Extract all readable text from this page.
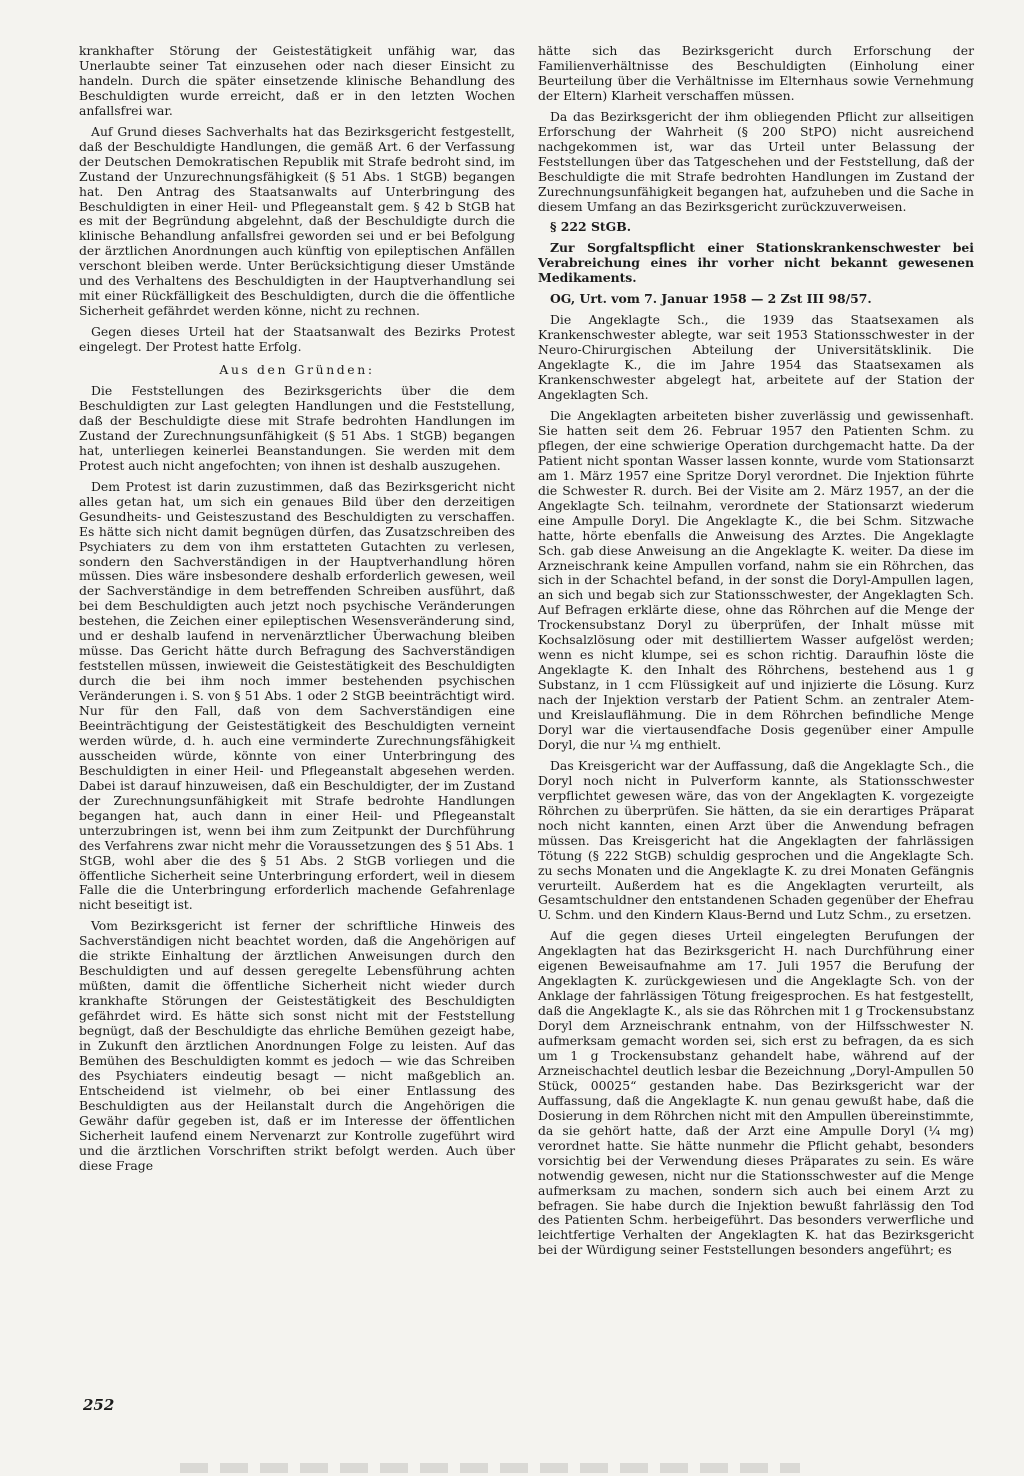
krankhafter Störung der Geistestätigkeit unfähig war, das Unerlaubte seiner Tat einzusehen oder nach dieser Einsicht zu handeln. Durch die später einsetzende klinische Behandlung des Beschuldigten wurde erreicht, daß er in den letzten Wochen anfallsfrei war.

Auf Grund dieses Sachverhalts hat das Bezirksgericht festgestellt, daß der Beschuldigte Handlungen, die gemäß Art. 6 der Verfassung der Deutschen Demokratischen Republik mit Strafe bedroht sind, im Zustand der Unzurechnungsfähigkeit (§ 51 Abs. 1 StGB) begangen hat. Den Antrag des Staatsanwalts auf Unterbringung des Beschuldigten in einer Heil- und Pflegeanstalt gem. § 42 b StGB hat es mit der Begründung abgelehnt, daß der Beschuldigte durch die klinische Behandlung anfallsfrei geworden sei und er bei Befolgung der ärztlichen Anordnungen auch künftig von epileptischen Anfällen verschont bleiben werde. Unter Berücksichtigung dieser Umstände und des Verhaltens des Beschuldigten in der Hauptverhandlung sei mit einer Rückfälligkeit des Beschuldigten, durch die die öffentliche Sicherheit gefährdet werden könne, nicht zu rechnen.

Gegen dieses Urteil hat der Staatsanwalt des Bezirks Protest eingelegt. Der Protest hatte Erfolg.

Aus den Gründen:

Die Feststellungen des Bezirksgerichts über die dem Beschuldigten zur Last gelegten Handlungen und die Feststellung, daß der Beschuldigte diese mit Strafe bedrohten Handlungen im Zustand der Zurechnungsunfähigkeit (§ 51 Abs. 1 StGB) begangen hat, unterliegen keinerlei Beanstandungen. Sie werden mit dem Protest auch nicht angefochten; von ihnen ist deshalb auszugehen.

Dem Protest ist darin zuzustimmen, daß das Bezirksgericht nicht alles getan hat, um sich ein genaues Bild über den derzeitigen Gesundheits- und Geisteszustand des Beschuldigten zu verschaffen. Es hätte sich nicht damit begnügen dürfen, das Zusatzschreiben des Psychiaters zu dem von ihm erstatteten Gutachten zu verlesen, sondern den Sachverständigen in der Hauptverhandlung hören müssen. Dies wäre insbesondere deshalb erforderlich gewesen, weil der Sachverständige in dem betreffenden Schreiben ausführt, daß bei dem Beschuldigten auch jetzt noch psychische Veränderungen bestehen, die Zeichen einer epileptischen Wesensveränderung sind, und er deshalb laufend in nervenärztlicher Überwachung bleiben müsse. Das Gericht hätte durch Befragung des Sachverständigen feststellen müssen, inwieweit die Geistestätigkeit des Beschuldigten durch die bei ihm noch immer bestehenden psychischen Veränderungen i. S. von § 51 Abs. 1 oder 2 StGB beeinträchtigt wird. Nur für den Fall, daß von dem Sachverständigen eine Beeinträchtigung der Geistestätigkeit des Beschuldigten verneint werden würde, d. h. auch eine verminderte Zurechnungsfähigkeit ausscheiden würde, könnte von einer Unterbringung des Beschuldigten in einer Heil- und Pflegeanstalt abgesehen werden. Dabei ist darauf hinzuweisen, daß ein Beschuldigter, der im Zustand der Zurechnungsunfähigkeit mit Strafe bedrohte Handlungen begangen hat, auch dann in einer Heil- und Pflegeanstalt unterzubringen ist, wenn bei ihm zum Zeitpunkt der Durchführung des Verfahrens zwar nicht mehr die Voraussetzungen des § 51 Abs. 1 StGB, wohl aber die des § 51 Abs. 2 StGB vorliegen und die öffentliche Sicherheit seine Unterbringung erfordert, weil in diesem Falle die die Unterbringung erforderlich machende Gefahrenlage nicht beseitigt ist.

Vom Bezirksgericht ist ferner der schriftliche Hinweis des Sachverständigen nicht beachtet worden, daß die Angehörigen auf die strikte Einhaltung der ärztlichen Anweisungen durch den Beschuldigten und auf dessen geregelte Lebensführung achten müßten, damit die öffentliche Sicherheit nicht wieder durch krankhafte Störungen der Geistestätigkeit des Beschuldigten gefährdet wird. Es hätte sich sonst nicht mit der Feststellung begnügt, daß der Beschuldigte das ehrliche Bemühen gezeigt habe, in Zukunft den ärztlichen Anordnungen Folge zu leisten. Auf das Bemühen des Beschuldigten kommt es jedoch — wie das Schreiben des Psychiaters eindeutig besagt — nicht maßgeblich an. Entscheidend ist vielmehr, ob bei einer Entlassung des Beschuldigten aus der Heilanstalt durch die Angehörigen die Gewähr dafür gegeben ist, daß er im Interesse der öffentlichen Sicherheit laufend einem Nervenarzt zur Kontrolle zugeführt wird und die ärztlichen Vorschriften strikt befolgt werden. Auch über diese Frage

hätte sich das Bezirksgericht durch Erforschung der Familienverhältnisse des Beschuldigten (Einholung einer Beurteilung über die Verhältnisse im Elternhaus sowie Vernehmung der Eltern) Klarheit verschaffen müssen.

Da das Bezirksgericht der ihm obliegenden Pflicht zur allseitigen Erforschung der Wahrheit (§ 200 StPO) nicht ausreichend nachgekommen ist, war das Urteil unter Belassung der Feststellungen über das Tatgeschehen und der Feststellung, daß der Beschuldigte die mit Strafe bedrohten Handlungen im Zustand der Zurechnungsunfähigkeit begangen hat, aufzuheben und die Sache in diesem Umfang an das Bezirksgericht zurückzuverweisen.

§ 222 StGB.

Zur Sorgfaltspflicht einer Stationskrankenschwester bei Verabreichung eines ihr vorher nicht bekannt gewesenen Medikaments.

OG, Urt. vom 7. Januar 1958 — 2 Zst III 98/57.

Die Angeklagte Sch., die 1939 das Staatsexamen als Krankenschwester ablegte, war seit 1953 Stationsschwester in der Neuro-Chirurgischen Abteilung der Universitätsklinik. Die Angeklagte K., die im Jahre 1954 das Staatsexamen als Krankenschwester abgelegt hat, arbeitete auf der Station der Angeklagten Sch.

Die Angeklagten arbeiteten bisher zuverlässig und gewissenhaft. Sie hatten seit dem 26. Februar 1957 den Patienten Schm. zu pflegen, der eine schwierige Operation durchgemacht hatte. Da der Patient nicht spontan Wasser lassen konnte, wurde vom Stationsarzt am 1. März 1957 eine Spritze Doryl verordnet. Die Injektion führte die Schwester R. durch. Bei der Visite am 2. März 1957, an der die Angeklagte Sch. teilnahm, verordnete der Stationsarzt wiederum eine Ampulle Doryl. Die Angeklagte K., die bei Schm. Sitzwache hatte, hörte ebenfalls die Anweisung des Arztes. Die Angeklagte Sch. gab diese Anweisung an die Angeklagte K. weiter. Da diese im Arzneischrank keine Ampullen vorfand, nahm sie ein Röhrchen, das sich in der Schachtel befand, in der sonst die Doryl-Ampullen lagen, an sich und begab sich zur Stationsschwester, der Angeklagten Sch. Auf Befragen erklärte diese, ohne das Röhrchen auf die Menge der Trockensubstanz Doryl zu überprüfen, der Inhalt müsse mit Kochsalzlösung oder mit destilliertem Wasser aufgelöst werden; wenn es nicht klumpe, sei es schon richtig. Daraufhin löste die Angeklagte K. den Inhalt des Röhrchens, bestehend aus 1 g Substanz, in 1 ccm Flüssigkeit auf und injizierte die Lösung. Kurz nach der Injektion verstarb der Patient Schm. an zentraler Atem- und Kreislauflähmung. Die in dem Röhrchen befindliche Menge Doryl war die viertausendfache Dosis gegenüber einer Ampulle Doryl, die nur ¼ mg enthielt.

Das Kreisgericht war der Auffassung, daß die Angeklagte Sch., die Doryl noch nicht in Pulverform kannte, als Stationsschwester verpflichtet gewesen wäre, das von der Angeklagten K. vorgezeigte Röhrchen zu überprüfen. Sie hätten, da sie ein derartiges Präparat noch nicht kannten, einen Arzt über die Anwendung befragen müssen. Das Kreisgericht hat die Angeklagten der fahrlässigen Tötung (§ 222 StGB) schuldig gesprochen und die Angeklagte Sch. zu sechs Monaten und die Angeklagte K. zu drei Monaten Gefängnis verurteilt. Außerdem hat es die Angeklagten verurteilt, als Gesamtschuldner den entstandenen Schaden gegenüber der Ehefrau U. Schm. und den Kindern Klaus-Bernd und Lutz Schm., zu ersetzen.

Auf die gegen dieses Urteil eingelegten Berufungen der Angeklagten hat das Bezirksgericht H. nach Durchführung einer eigenen Beweisaufnahme am 17. Juli 1957 die Berufung der Angeklagten K. zurückgewiesen und die Angeklagte Sch. von der Anklage der fahrlässigen Tötung freigesprochen. Es hat festgestellt, daß die Angeklagte K., als sie das Röhrchen mit 1 g Trockensubstanz Doryl dem Arzneischrank entnahm, von der Hilfsschwester N. aufmerksam gemacht worden sei, sich erst zu befragen, da es sich um 1 g Trockensubstanz gehandelt habe, während auf der Arzneischachtel deutlich lesbar die Bezeichnung „Doryl-Ampullen 50 Stück, 00025“ gestanden habe. Das Bezirksgericht war der Auffassung, daß die Angeklagte K. nun genau gewußt habe, daß die Dosierung in dem Röhrchen nicht mit den Ampullen übereinstimmte, da sie gehört hatte, daß der Arzt eine Ampulle Doryl (¼ mg) verordnet hatte. Sie hätte nunmehr die Pflicht gehabt, besonders vorsichtig bei der Verwendung dieses Präparates zu sein. Es wäre notwendig gewesen, nicht nur die Stationsschwester auf die Menge aufmerksam zu machen, sondern sich auch bei einem Arzt zu befragen. Sie habe durch die Injektion bewußt fahrlässig den Tod des Patienten Schm. herbeigeführt. Das besonders verwerfliche und leichtfertige Verhalten der Angeklagten K. hat das Bezirksgericht bei der Würdigung seiner Feststellungen besonders angeführt; es

252
